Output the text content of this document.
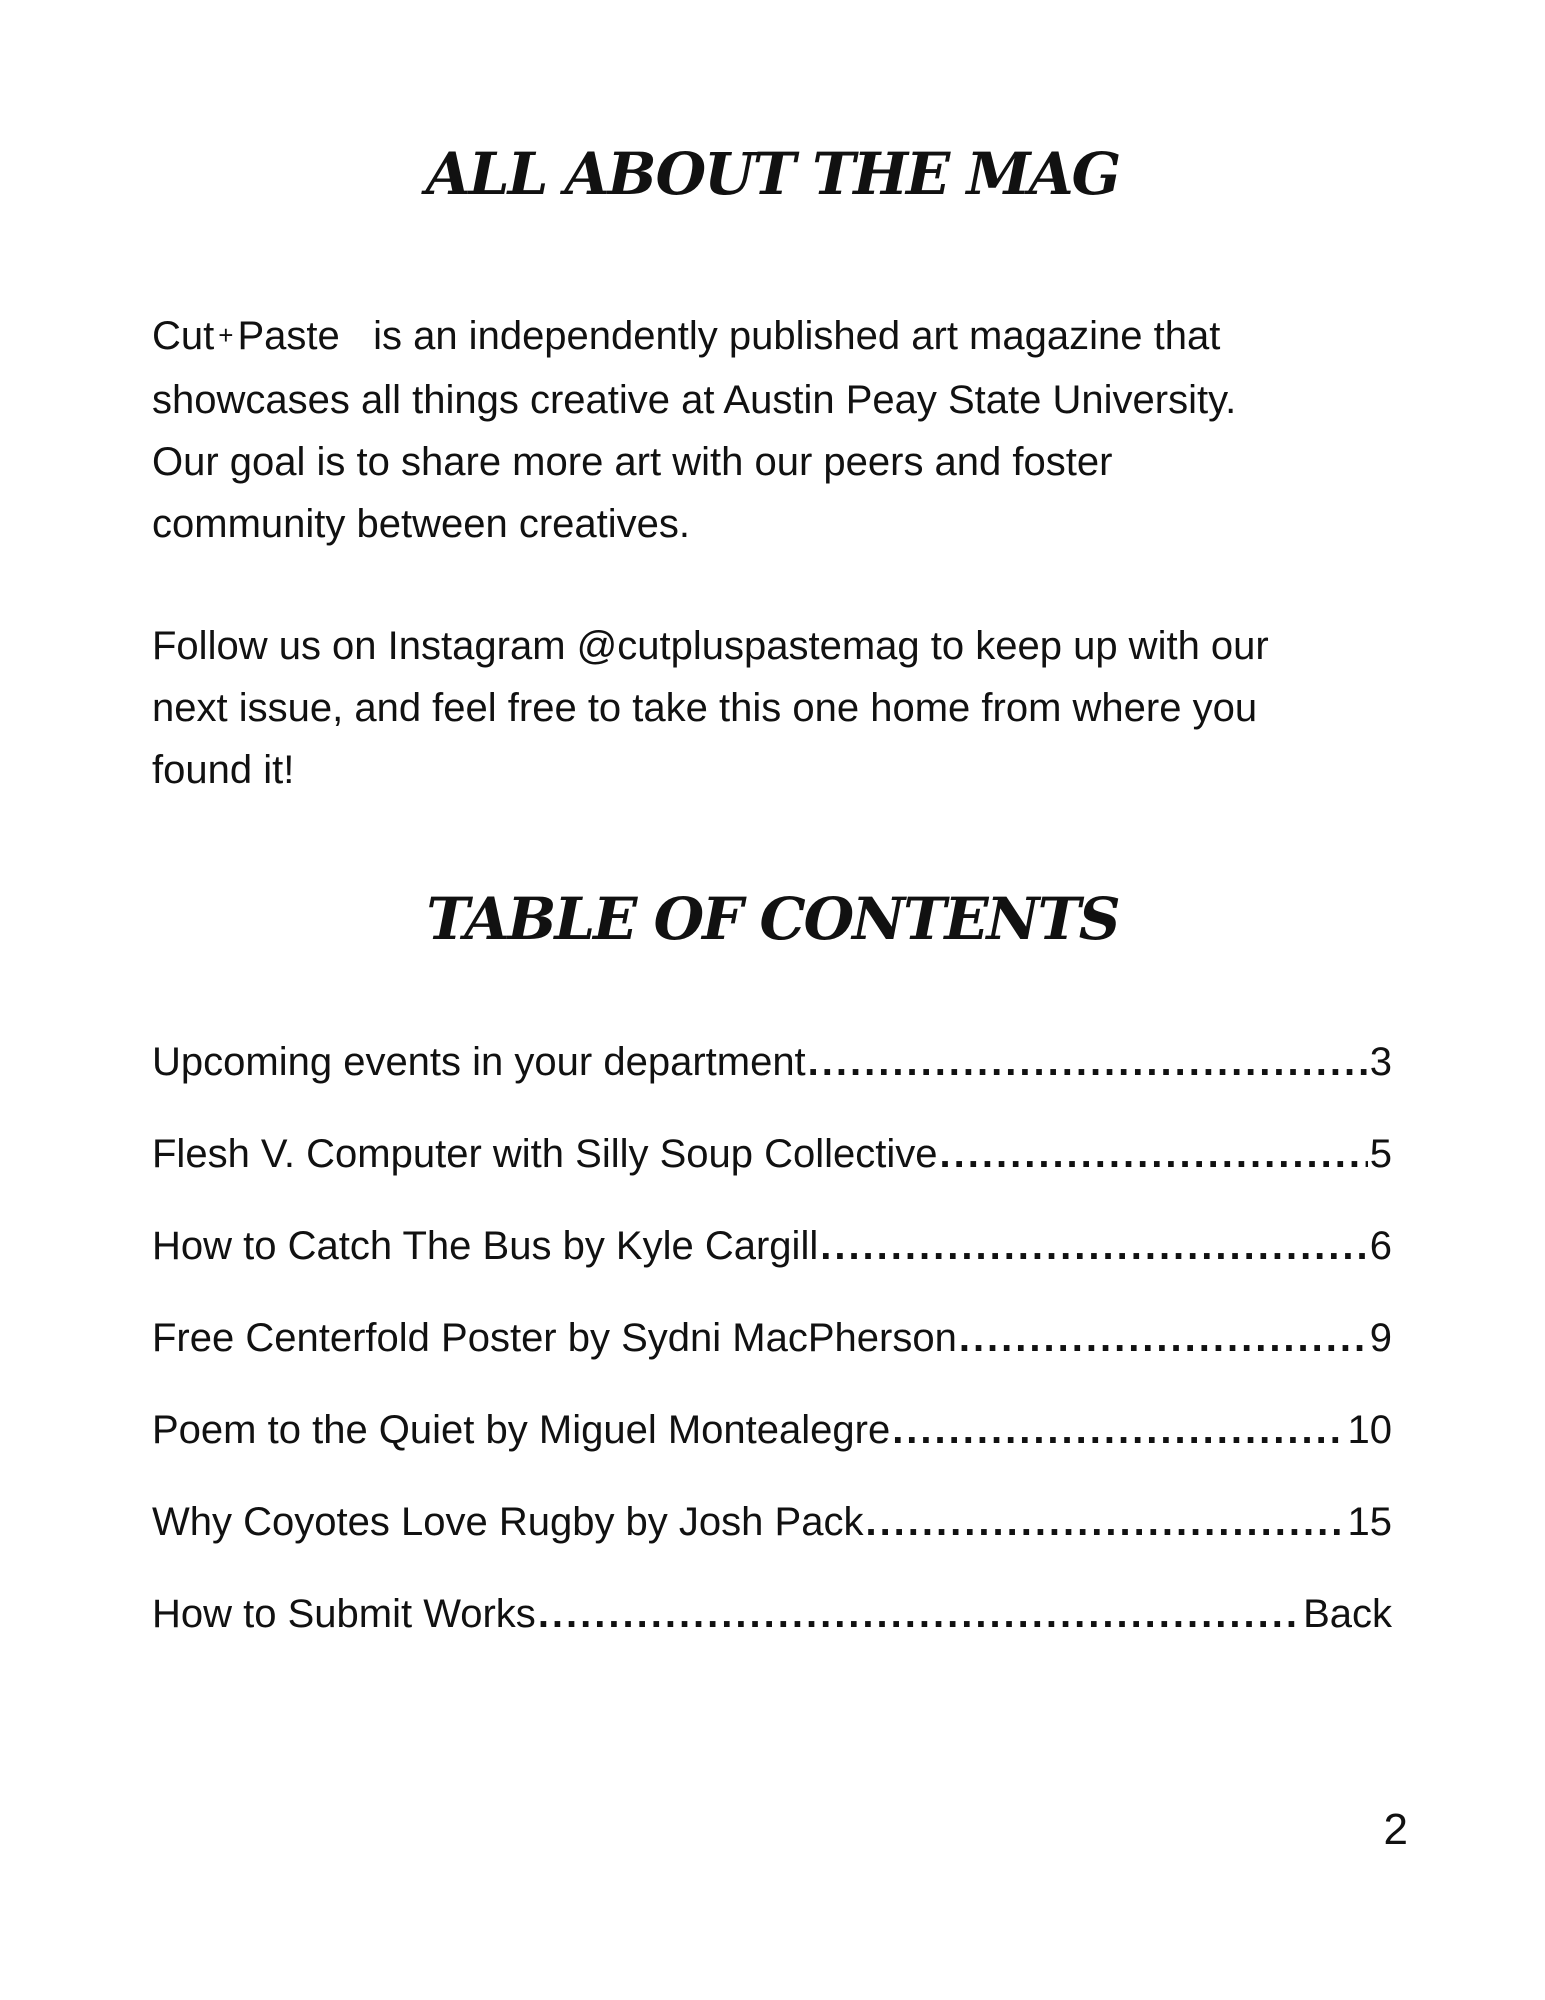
ALL ABOUT THE MAG

Cut + Paste is an independently published art magazine that showcases all things creative at Austin Peay State University. Our goal is to share more art with our peers and foster community between creatives.

Follow us on Instagram @cutpluspastemag to keep up with our next issue, and feel free to take this one home from where you found it!

TABLE OF CONTENTS
Upcoming events in your department .....	3
Flesh V. Computer with Silly Soup Collective .....	5
How to Catch The Bus by Kyle Cargill .....	6
Free Centerfold Poster by Sydni MacPherson .....	9
Poem to the Quiet by Miguel Montealegre .....	10
Why Coyotes Love Rugby by Josh Pack .....	15
How to Submit Works .....	Back
2
